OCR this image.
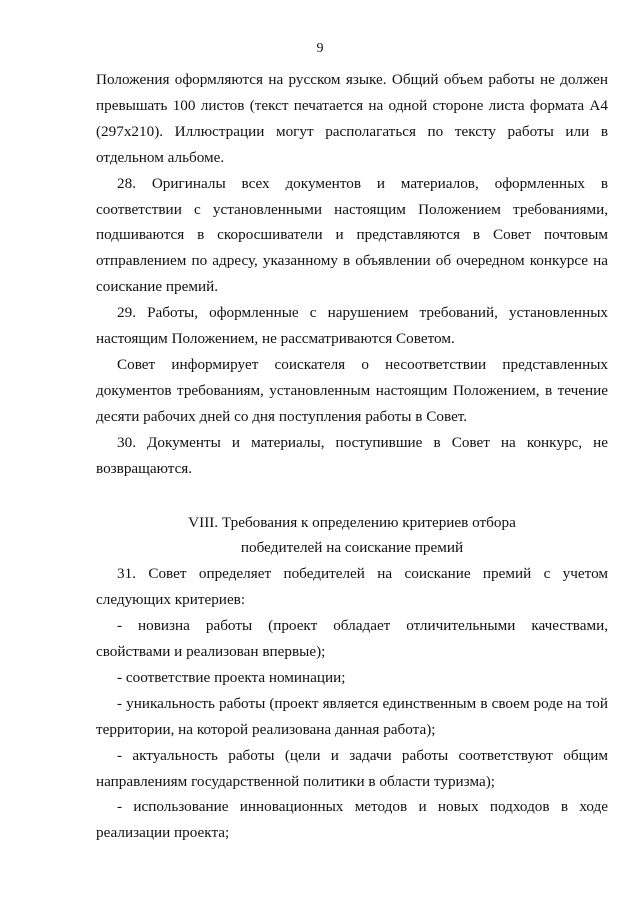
9

Положения оформляются на русском языке. Общий объем работы не должен превышать 100 листов (текст печатается на одной стороне листа формата А4 (297х210). Иллюстрации могут располагаться по тексту работы или в отдельном альбоме.

28. Оригиналы всех документов и материалов, оформленных в соответствии с установленными настоящим Положением требованиями, подшиваются в скоросшиватели и представляются в Совет почтовым отправлением по адресу, указанному в объявлении об очередном конкурсе на соискание премий.

29. Работы, оформленные с нарушением требований, установленных настоящим Положением, не рассматриваются Советом.

Совет информирует соискателя о несоответствии представленных документов требованиям, установленным настоящим Положением, в течение десяти рабочих дней со дня поступления работы в Совет.

30. Документы и материалы, поступившие в Совет на конкурс, не возвращаются.

VIII. Требования к определению критериев отбора

победителей на соискание премий

31. Совет определяет победителей на соискание премий с учетом следующих критериев:

- новизна работы (проект обладает отличительными качествами, свойствами и реализован впервые);

- соответствие проекта номинации;

- уникальность работы (проект является единственным в своем роде на той территории, на которой реализована данная работа);

- актуальность работы (цели и задачи работы соответствуют общим направлениям государственной политики в области туризма);

- использование инновационных методов и новых подходов в ходе реализации проекта;
